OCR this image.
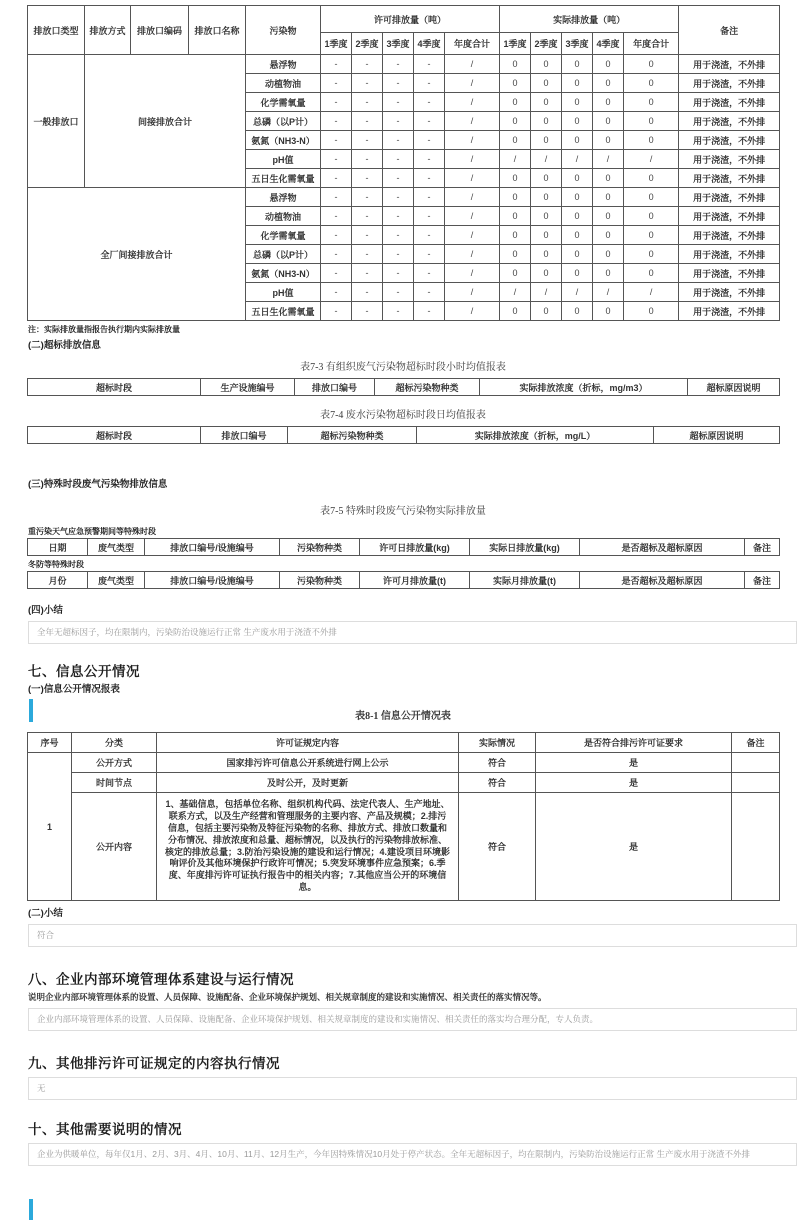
排放口类型	排放方式	排放口编码	排放口名称	污染物	许可排放量（吨）					实际排放量（吨）					备注
					1季度	2季度	3季度	4季度	年度合计	1季度	2季度	3季度	4季度	年度合计	
一般排放口	间接排放合计			悬浮物	-	-	-	-	/	0	0	0	0	0	用于浇渣，不外排
				动植物油	-	-	-	-	/	0	0	0	0	0	用于浇渣，不外排
				化学需氧量	-	-	-	-	/	0	0	0	0	0	用于浇渣，不外排
				总磷（以P计）	-	-	-	-	/	0	0	0	0	0	用于浇渣，不外排
				氨氮（NH3-N）	-	-	-	-	/	0	0	0	0	0	用于浇渣，不外排
				pH值	-	-	-	-	/	/	/	/	/	/	用于浇渣，不外排
				五日生化需氧量	-	-	-	-	/	0	0	0	0	0	用于浇渣，不外排
全厂间接排放合计				悬浮物	-	-	-	-	/	0	0	0	0	0	用于浇渣，不外排
				动植物油	-	-	-	-	/	0	0	0	0	0	用于浇渣，不外排
				化学需氧量	-	-	-	-	/	0	0	0	0	0	用于浇渣，不外排
				总磷（以P计）	-	-	-	-	/	0	0	0	0	0	用于浇渣，不外排
				氨氮（NH3-N）	-	-	-	-	/	0	0	0	0	0	用于浇渣，不外排
				pH值	-	-	-	-	/	/	/	/	/	/	用于浇渣，不外排
				五日生化需氧量	-	-	-	-	/	0	0	0	0	0	用于浇渣，不外排
注：实际排放量指报告执行期内实际排放量
(二)超标排放信息
表7-3 有组织废气污染物超标时段小时均值报表
超标时段	生产设施编号	排放口编号	超标污染物种类	实际排放浓度（折标，mg/m3）	超标原因说明
表7-4 废水污染物超标时段日均值报表
超标时段	排放口编号	超标污染物种类	实际排放浓度（折标，mg/L）	超标原因说明
(三)特殊时段废气污染物排放信息
表7-5 特殊时段废气污染物实际排放量
重污染天气应急预警期间等特殊时段
日期	废气类型	排放口编号/设施编号	污染物种类	许可日排放量(kg)	实际日排放量(kg)	是否超标及超标原因	备注
冬防等特殊时段
月份	废气类型	排放口编号/设施编号	污染物种类	许可月排放量(t)	实际月排放量(t)	是否超标及超标原因	备注
(四)小结
全年无超标因子，均在限制内，污染防治设施运行正常 生产废水用于浇渣不外排
七、信息公开情况
(一)信息公开情况报表
表8-1 信息公开情况表
序号	分类	许可证规定内容	实际情况	是否符合排污许可证要求	备注
1	公开方式	国家排污许可信息公开系统进行网上公示	符合	是	
	时间节点	及时公开，及时更新	符合	是	
	公开内容	1、基础信息，包括单位名称、组织机构代码、法定代表人、生产地址、联系方式，以及生产经营和管理服务的主要内容、产品及规模；2.排污信息，包括主要污染物及特征污染物的名称、排放方式、排放口数量和分布情况、排放浓度和总量、超标情况，以及执行的污染物排放标准、核定的排放总量；3.防治污染设施的建设和运行情况；4.建设项目环境影响评价及其他环境保护行政许可情况；5.突发环境事件应急预案；6.季度、年度排污许可证执行报告中的相关内容；7.其他应当公开的环境信息。	符合	是	
(二)小结
符合
八、企业内部环境管理体系建设与运行情况
说明企业内部环境管理体系的设置、人员保障、设施配备、企业环境保护规划、相关规章制度的建设和实施情况、相关责任的落实情况等。
企业内部环境管理体系的设置、人员保障、设施配备、企业环境保护规划、相关规章制度的建设和实施情况、相关责任的落实均合理分配，专人负责。
九、其他排污许可证规定的内容执行情况
无
十、其他需要说明的情况
企业为供暖单位，每年仅1月、2月、3月、4月、10月、11月、12月生产，今年因特殊情况10月处于停产状态。全年无超标因子，均在限制内，污染防治设施运行正常 生产废水用于浇渣不外排
